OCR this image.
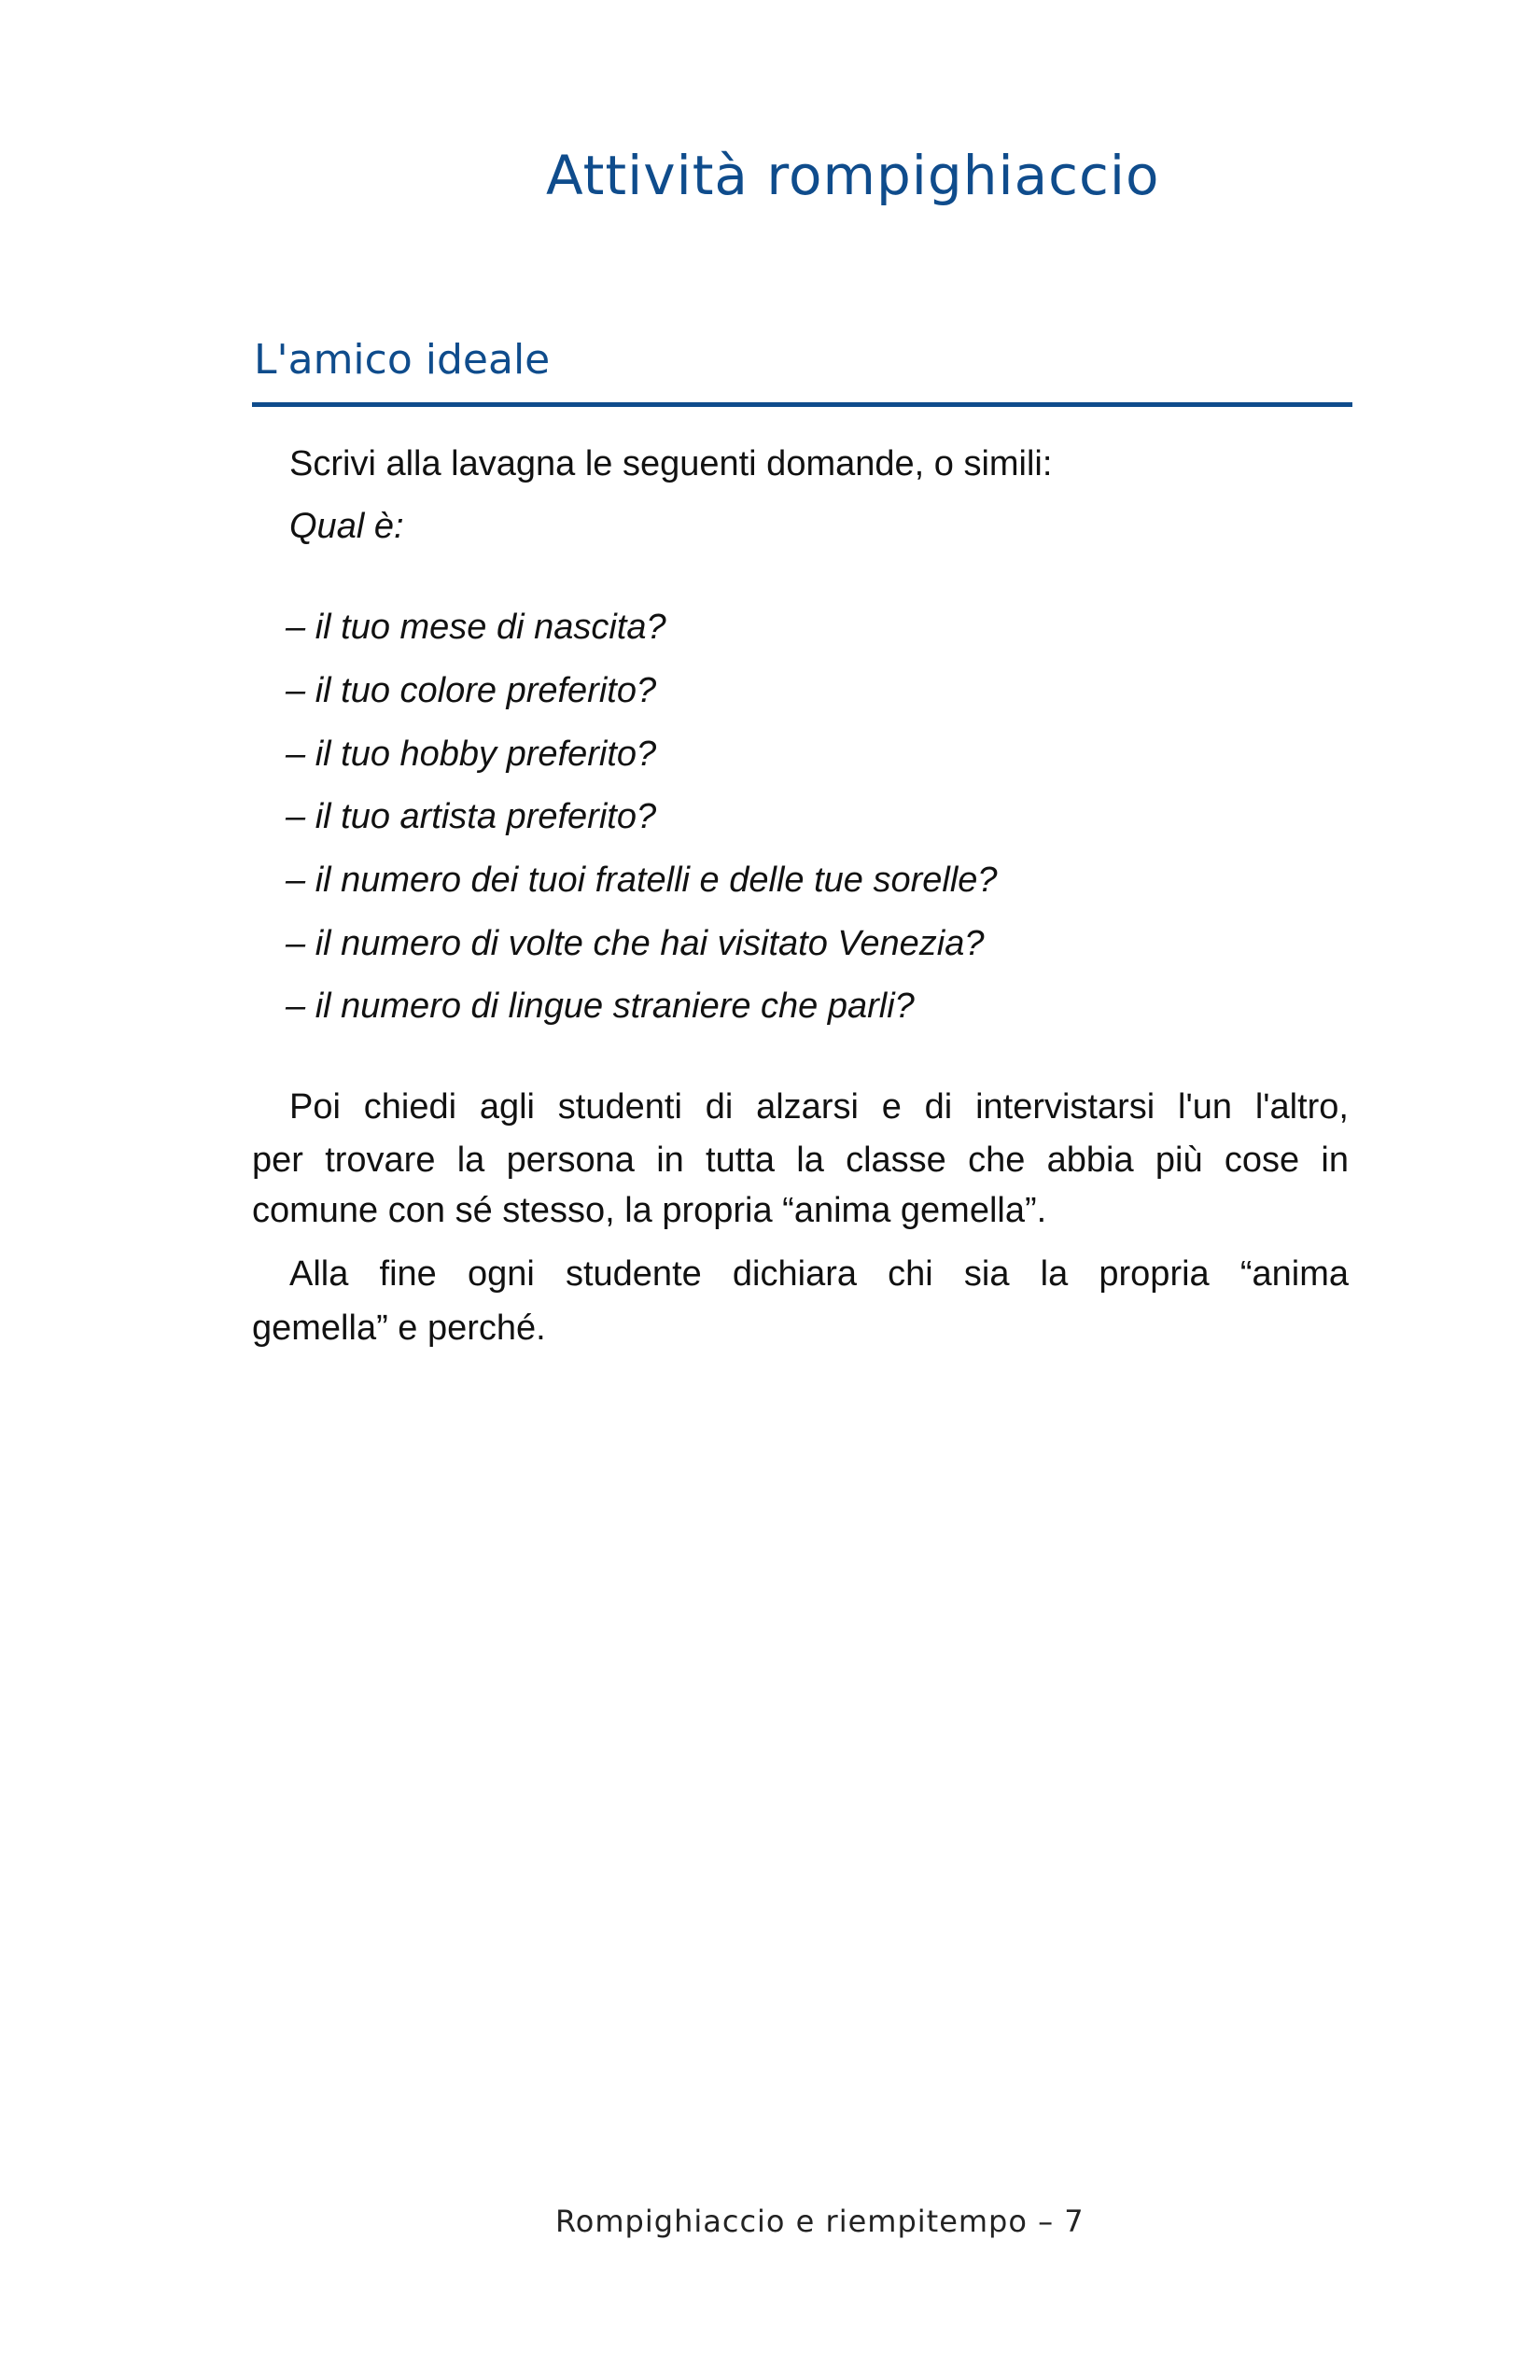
Attività rompighiaccio
L'amico ideale
Scrivi alla lavagna le seguenti domande, o simili:
Qual è:
– il tuo mese di nascita?
– il tuo colore preferito?
– il tuo hobby preferito?
– il tuo artista preferito?
– il numero dei tuoi fratelli e delle tue sorelle?
– il numero di volte che hai visitato Venezia?
– il numero di lingue straniere che parli?
Poi chiedi agli studenti di alzarsi e di intervistarsi l'un l'altro,
per trovare la persona in tutta la classe che abbia più cose in
comune con sé stesso, la propria “anima gemella”.
Alla fine ogni studente dichiara chi sia la propria “anima
gemella” e perché.
Rompighiaccio e riempitempo – 7
